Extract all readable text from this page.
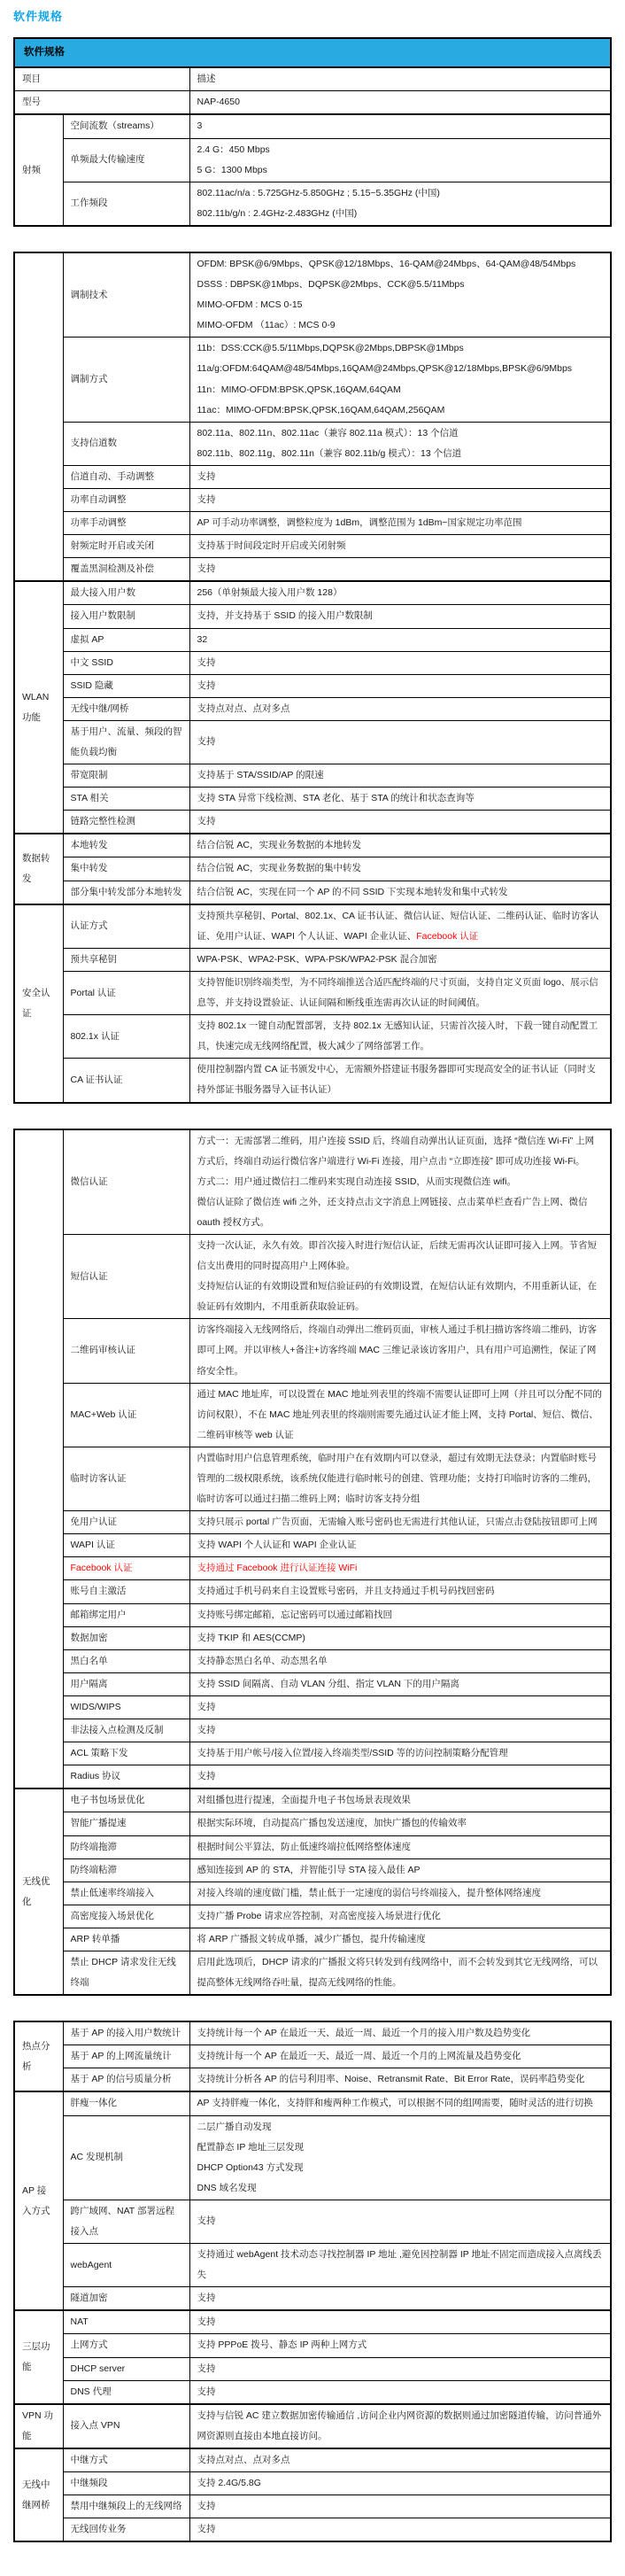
软件规格
软件规格		
项目		描述

型号		NAP-4650

射频	空间流数（streams）	3

	单频最大传输速度	2.4 G：450 Mbps
5 G：1300 Mbps

	工作频段	802.11ac/n/a : 5.725GHz-5.850GHz ; 5.15~5.35GHz (中国)
802.11b/g/n : 2.4GHz-2.483GHz (中国)
	调制技术	OFDM: BPSK@6/9Mbps、QPSK@12/18Mbps、16-QAM@24Mbps、64-QAM@48/54Mbps
DSSS : DBPSK@1Mbps、DQPSK@2Mbps、CCK@5.5/11Mbps
MIMO-OFDM : MCS 0-15
MIMO-OFDM （11ac）: MCS 0-9

	调制方式	11b：DSS:CCK@5.5/11Mbps,DQPSK@2Mbps,DBPSK@1Mbps
11a/g:OFDM:64QAM@48/54Mbps,16QAM@24Mbps,QPSK@12/18Mbps,BPSK@6/9Mbps
11n：MIMO-OFDM:BPSK,QPSK,16QAM,64QAM
11ac：MIMO-OFDM:BPSK,QPSK,16QAM,64QAM,256QAM

	支持信道数	802.11a、802.11n、802.11ac（兼容 802.11a 模式）：13 个信道
802.11b、802.11g、802.11n（兼容 802.11b/g 模式）：13 个信道

	信道自动、手动调整	支持

	功率自动调整	支持

	功率手动调整	AP 可手动功率调整，调整粒度为 1dBm，调整范围为 1dBm~国家规定功率范围

	射频定时开启或关闭	支持基于时间段定时开启或关闭射频

	覆盖黑洞检测及补偿	支持

WLAN 功能	最大接入用户数	256（单射频最大接入用户数 128）

	接入用户数限制	支持，并支持基于 SSID 的接入用户数限制

	虚拟 AP	32

	中文 SSID	支持

	SSID 隐藏	支持

	无线中继/网桥	支持点对点、点对多点

	基于用户、流量、频段的智能负载均衡	支持

	带宽限制	支持基于 STA/SSID/AP 的限速

	STA 相关	支持 STA 异常下线检测、STA 老化、基于 STA 的统计和状态查询等

	链路完整性检测	支持

数据转发	本地转发	结合信锐 AC，实现业务数据的本地转发

	集中转发	结合信锐 AC，实现业务数据的集中转发

	部分集中转发部分本地转发	结合信锐 AC，实现在同一个 AP 的不同 SSID 下实现本地转发和集中式转发

安全认证	认证方式	支持预共享秘钥、Portal、802.1x、CA 证书认证、微信认证、短信认证、二维码认证、临时访客认证、免用户认证、WAPI 个人认证、WAPI 企业认证、Facebook 认证

	预共享秘钥	WPA-PSK、WPA2-PSK、WPA-PSK/WPA2-PSK 混合加密

	Portal 认证	支持智能识别终端类型，为不同终端推送合适匹配终端的尺寸页面，支持自定义页面 logo、展示信息等，并支持设置验证、认证间隔和断线重连需再次认证的时间阈值。

	802.1x 认证	支持 802.1x 一键自动配置部署，支持 802.1x 无感知认证，只需首次接入时，下载一键自动配置工具，快速完成无线网络配置，极大减少了网络部署工作。

	CA 证书认证	使用控制器内置 CA 证书颁发中心，无需额外搭建证书服务器即可实现高安全的证书认证（同时支持外部证书服务器导入证书认证）
	微信认证	方式一：无需部署二维码，用户连接 SSID 后，终端自动弹出认证页面，选择 “微信连 Wi-Fi” 上网方式后，终端自动运行微信客户端进行 Wi-Fi 连接，用户点击 “立即连接” 即可成功连接 Wi-Fi。
方式二：用户通过微信扫二维码来实现自动连接 SSID，从而实现微信连 wifi。
微信认证除了微信连 wifi 之外，还支持点击文字消息上网链接、点击菜单栏查看广告上网、微信 oauth 授权方式。

	短信认证	支持一次认证，永久有效。即首次接入时进行短信认证，后续无需再次认证即可接入上网。节省短信支出费用的同时提高用户上网体验。
支持短信认证的有效期设置和短信验证码的有效期设置，在短信认证有效期内，不用重新认证，在验证码有效期内，不用重新获取验证码。

	二维码审核认证	访客终端接入无线网络后，终端自动弹出二维码页面，审核人通过手机扫描访客终端二维码，访客即可上网。并以审核人+备注+访客终端 MAC 三维记录该访客用户，具有用户可追溯性，保证了网络安全性。

	MAC+Web 认证	通过 MAC 地址库，可以设置在 MAC 地址列表里的终端不需要认证即可上网（并且可以分配不同的访问权限），不在 MAC 地址列表里的终端则需要先通过认证才能上网，支持 Portal、短信、微信、二维码审核等 web 认证

	临时访客认证	内置临时用户信息管理系统，临时用户在有效期内可以登录，超过有效期无法登录；内置临时账号管理的二级权限系统，该系统仅能进行临时帐号的创建、管理功能；支持打印临时访客的二维码，临时访客可以通过扫描二维码上网；临时访客支持分组

	免用户认证	支持只展示 portal 广告页面，无需输入账号密码也无需进行其他认证，只需点击登陆按钮即可上网

	WAPI 认证	支持 WAPI 个人认证和 WAPI 企业认证

	Facebook 认证	支持通过 Facebook 进行认证连接 WiFi

	账号自主激活	支持通过手机号码来自主设置账号密码，并且支持通过手机号码找回密码

	邮箱绑定用户	支持账号绑定邮箱，忘记密码可以通过邮箱找回

	数据加密	支持 TKIP 和 AES(CCMP)

	黑白名单	支持静态黑白名单、动态黑名单

	用户隔离	支持 SSID 间隔离、自动 VLAN 分组、指定 VLAN 下的用户隔离

	WIDS/WIPS	支持

	非法接入点检测及反制	支持

	ACL 策略下发	支持基于用户帐号/接入位置/接入终端类型/SSID 等的访问控制策略分配管理

	Radius 协议	支持

无线优化	电子书包场景优化	对组播包进行提速，全面提升电子书包场景表现效果

	智能广播提速	根据实际环境，自动提高广播包发送速度，加快广播包的传输效率

	防终端拖滞	根据时间公平算法，防止低速终端拉低网络整体速度

	防终端粘滞	感知连接到 AP 的 STA，并智能引导 STA 接入最佳 AP

	禁止低速率终端接入	对接入终端的速度做门槛，禁止低于一定速度的弱信号终端接入，提升整体网络速度

	高密度接入场景优化	支持广播 Probe 请求应答控制，对高密度接入场景进行优化

	ARP 转单播	将 ARP 广播报文转成单播，减少广播包，提升传输速度

	禁止 DHCP 请求发往无线终端	启用此选项后，DHCP 请求的广播报文将只转发到有线网络中，而不会转发到其它无线网络，可以提高整体无线网络吞吐量，提高无线网络的性能。
热点分析	基于 AP 的接入用户数统计	支持统计每一个 AP 在最近一天、最近一周、最近一个月的接入用户数及趋势变化

	基于 AP 的上网流量统计	支持统计每一个 AP 在最近一天、最近一周、最近一个月的上网流量及趋势变化

	基于 AP 的信号质量分析	支持统计分析各 AP 的信号利用率、Noise、Retransmit Rate、Bit Error Rate，误码率趋势变化

AP 接入方式	胖瘦一体化	AP 支持胖瘦一体化，支持胖和瘦两种工作模式，可以根据不同的组网需要，随时灵活的进行切换

	AC 发现机制	二层广播自动发现
配置静态 IP 地址三层发现
DHCP Option43 方式发现
DNS 域名发现

	跨广域网、NAT 部署远程接入点	支持

	webAgent	支持通过 webAgent 技术动态寻找控制器 IP 地址 ,避免因控制器 IP 地址不固定而造成接入点离线丢失

	隧道加密	支持

三层功能	NAT	支持

	上网方式	支持 PPPoE 拨号、静态 IP 两种上网方式

	DHCP server	支持

	DNS 代理	支持

VPN 功能	接入点 VPN	支持与信锐 AC 建立数据加密传输通信 ,访问企业内网资源的数据则通过加密隧道传输，访问普通外网资源则直接由本地直接访问。

无线中继网桥	中继方式	支持点对点、点对多点

	中继频段	支持 2.4G/5.8G

	禁用中继频段上的无线网络	支持

	无线回传业务	支持
